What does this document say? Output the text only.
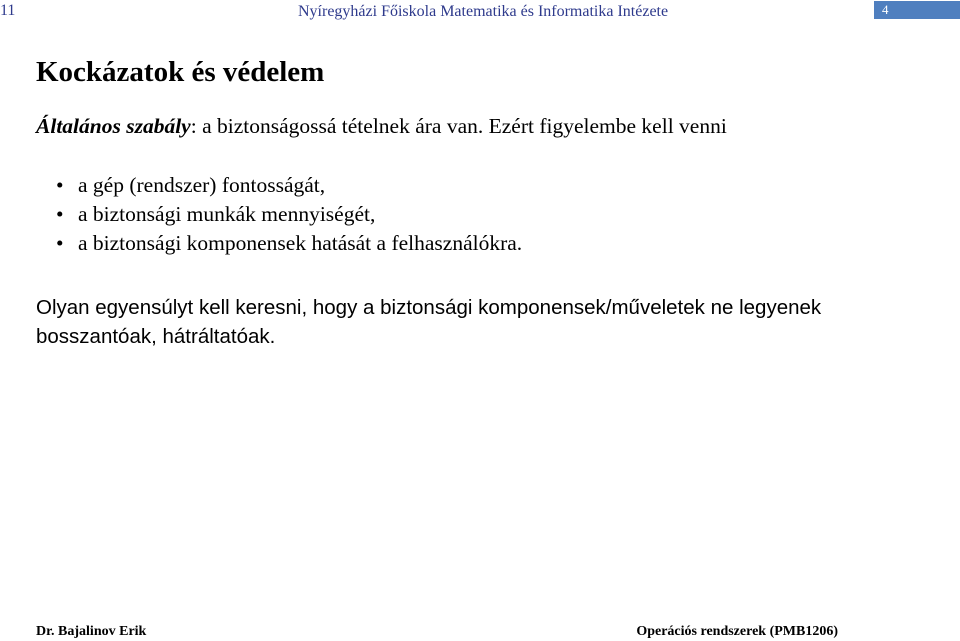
11	Nyíregyházi Főiskola Matematika és Informatika Intézete	4
Kockázatok és védelem
Általános szabály: a biztonságossá tételnek ára van. Ezért figyelembe kell venni
• a gép (rendszer) fontosságát,
• a biztonsági munkák mennyiségét,
• a biztonsági komponensek hatását a felhasználókra.
Olyan egyensúlyt kell keresni, hogy a biztonsági komponensek/műveletek ne legyenek bosszantóak, hátráltatóak.
Dr. Bajalinov Erik	Operációs rendszerek (PMB1206)
